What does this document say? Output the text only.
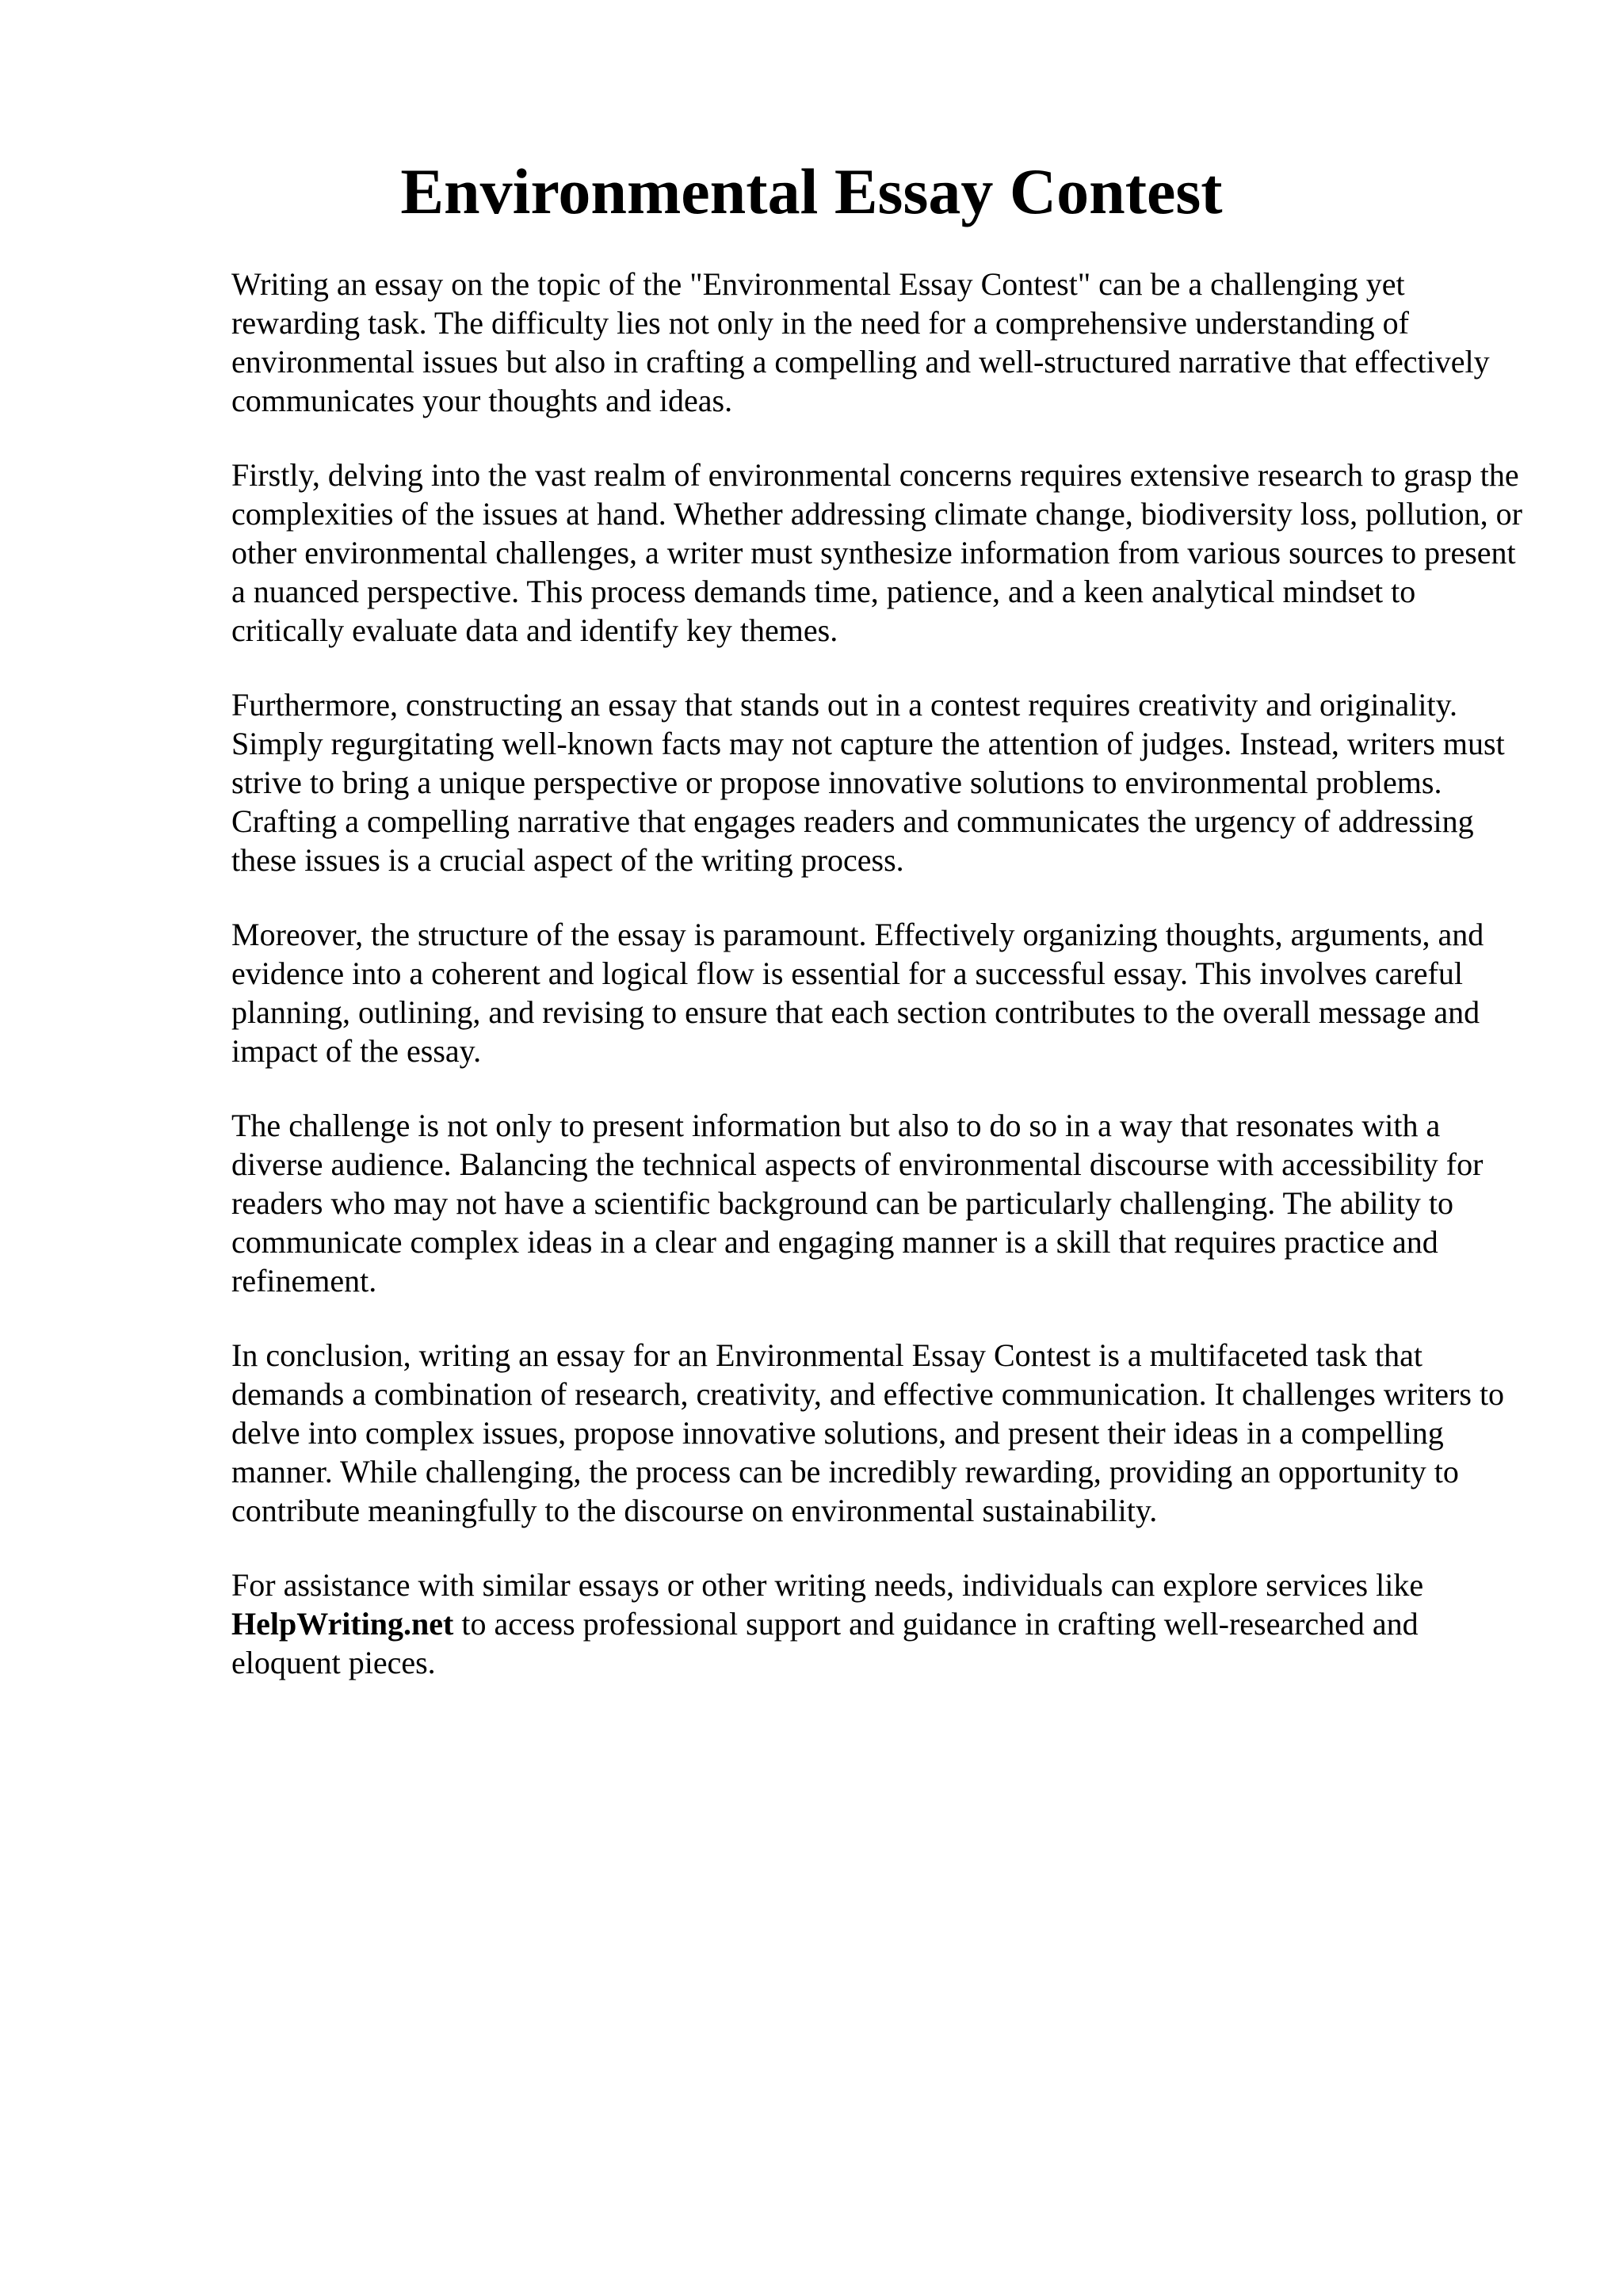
Environmental Essay Contest

Writing an essay on the topic of the "Environmental Essay Contest" can be a challenging yet rewarding task. The difficulty lies not only in the need for a comprehensive understanding of environmental issues but also in crafting a compelling and well-structured narrative that effectively communicates your thoughts and ideas.

Firstly, delving into the vast realm of environmental concerns requires extensive research to grasp the complexities of the issues at hand. Whether addressing climate change, biodiversity loss, pollution, or other environmental challenges, a writer must synthesize information from various sources to present a nuanced perspective. This process demands time, patience, and a keen analytical mindset to critically evaluate data and identify key themes.

Furthermore, constructing an essay that stands out in a contest requires creativity and originality. Simply regurgitating well-known facts may not capture the attention of judges. Instead, writers must strive to bring a unique perspective or propose innovative solutions to environmental problems. Crafting a compelling narrative that engages readers and communicates the urgency of addressing these issues is a crucial aspect of the writing process.

Moreover, the structure of the essay is paramount. Effectively organizing thoughts, arguments, and evidence into a coherent and logical flow is essential for a successful essay. This involves careful planning, outlining, and revising to ensure that each section contributes to the overall message and impact of the essay.

The challenge is not only to present information but also to do so in a way that resonates with a diverse audience. Balancing the technical aspects of environmental discourse with accessibility for readers who may not have a scientific background can be particularly challenging. The ability to communicate complex ideas in a clear and engaging manner is a skill that requires practice and refinement.

In conclusion, writing an essay for an Environmental Essay Contest is a multifaceted task that demands a combination of research, creativity, and effective communication. It challenges writers to delve into complex issues, propose innovative solutions, and present their ideas in a compelling manner. While challenging, the process can be incredibly rewarding, providing an opportunity to contribute meaningfully to the discourse on environmental sustainability.

For assistance with similar essays or other writing needs, individuals can explore services like HelpWriting.net to access professional support and guidance in crafting well-researched and eloquent pieces.
